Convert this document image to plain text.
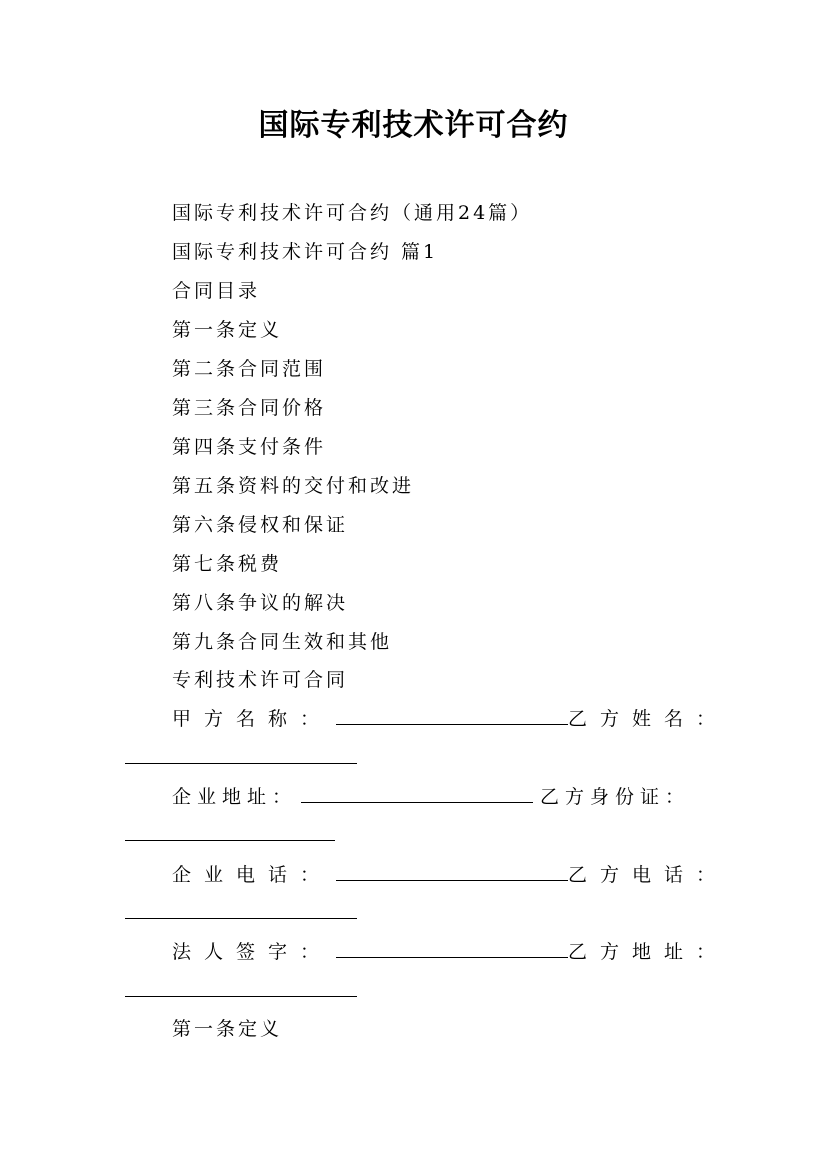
国际专利技术许可合约
国际专利技术许可合约（通用24篇）
国际专利技术许可合约 篇1
合同目录
第一条定义
第二条合同范围
第三条合同价格
第四条支付条件
第五条资料的交付和改进
第六条侵权和保证
第七条税费
第八条争议的解决
第九条合同生效和其他
专利技术许可合同
甲方名称：	乙方姓名：
企业地址：	乙方身份证：
企业电话：	乙方电话：
法人签字：	乙方地址：
第一条定义
